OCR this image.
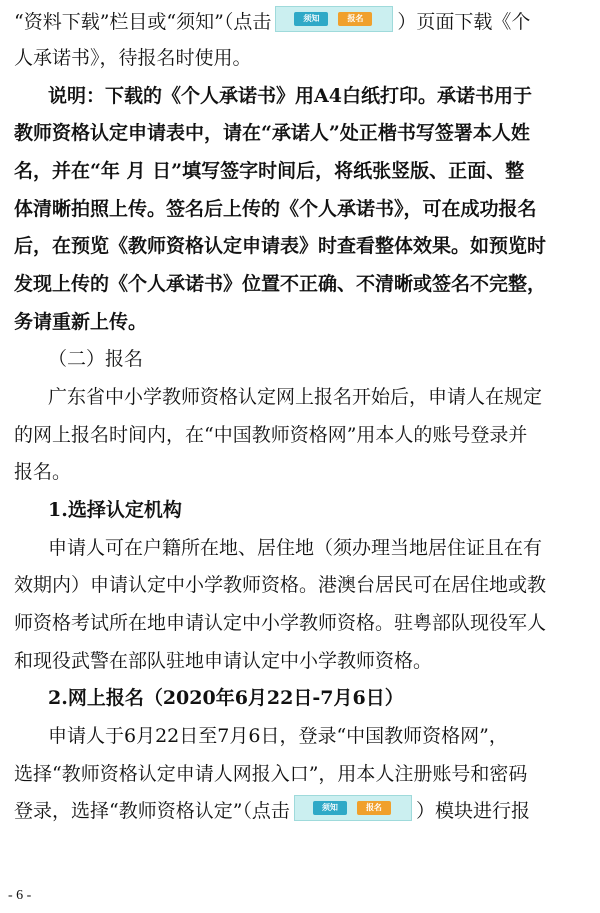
“资料下载”栏目或“须知”（点击	须知	报名	）页面下载《个
人承诺书》，待报名时使用。
说明：下载的《个人承诺书》用A4白纸打印。承诺书用于
教师资格认定申请表中，请在“承诺人”处正楷书写签署本人姓
名，并在“年 月 日”填写签字时间后，将纸张竖版、正面、整
体清晰拍照上传。签名后上传的《个人承诺书》，可在成功报名
后，在预览《教师资格认定申请表》时查看整体效果。如预览时
发现上传的《个人承诺书》位置不正确、不清晰或签名不完整，
务请重新上传。
（二）报名
广东省中小学教师资格认定网上报名开始后，申请人在规定
的网上报名时间内，在“中国教师资格网”用本人的账号登录并
报名。
1.选择认定机构
申请人可在户籍所在地、居住地（须办理当地居住证且在有
效期内）申请认定中小学教师资格。港澳台居民可在居住地或教
师资格考试所在地申请认定中小学教师资格。驻粤部队现役军人
和现役武警在部队驻地申请认定中小学教师资格。
2.网上报名（2020年6月22日-7月6日）
申请人于6月22日至7月6日，登录“中国教师资格网”，
选择“教师资格认定申请人网报入口”，用本人注册账号和密码
登录，选择“教师资格认定”（点击	须知	报名	）模块进行报
- 6 -
